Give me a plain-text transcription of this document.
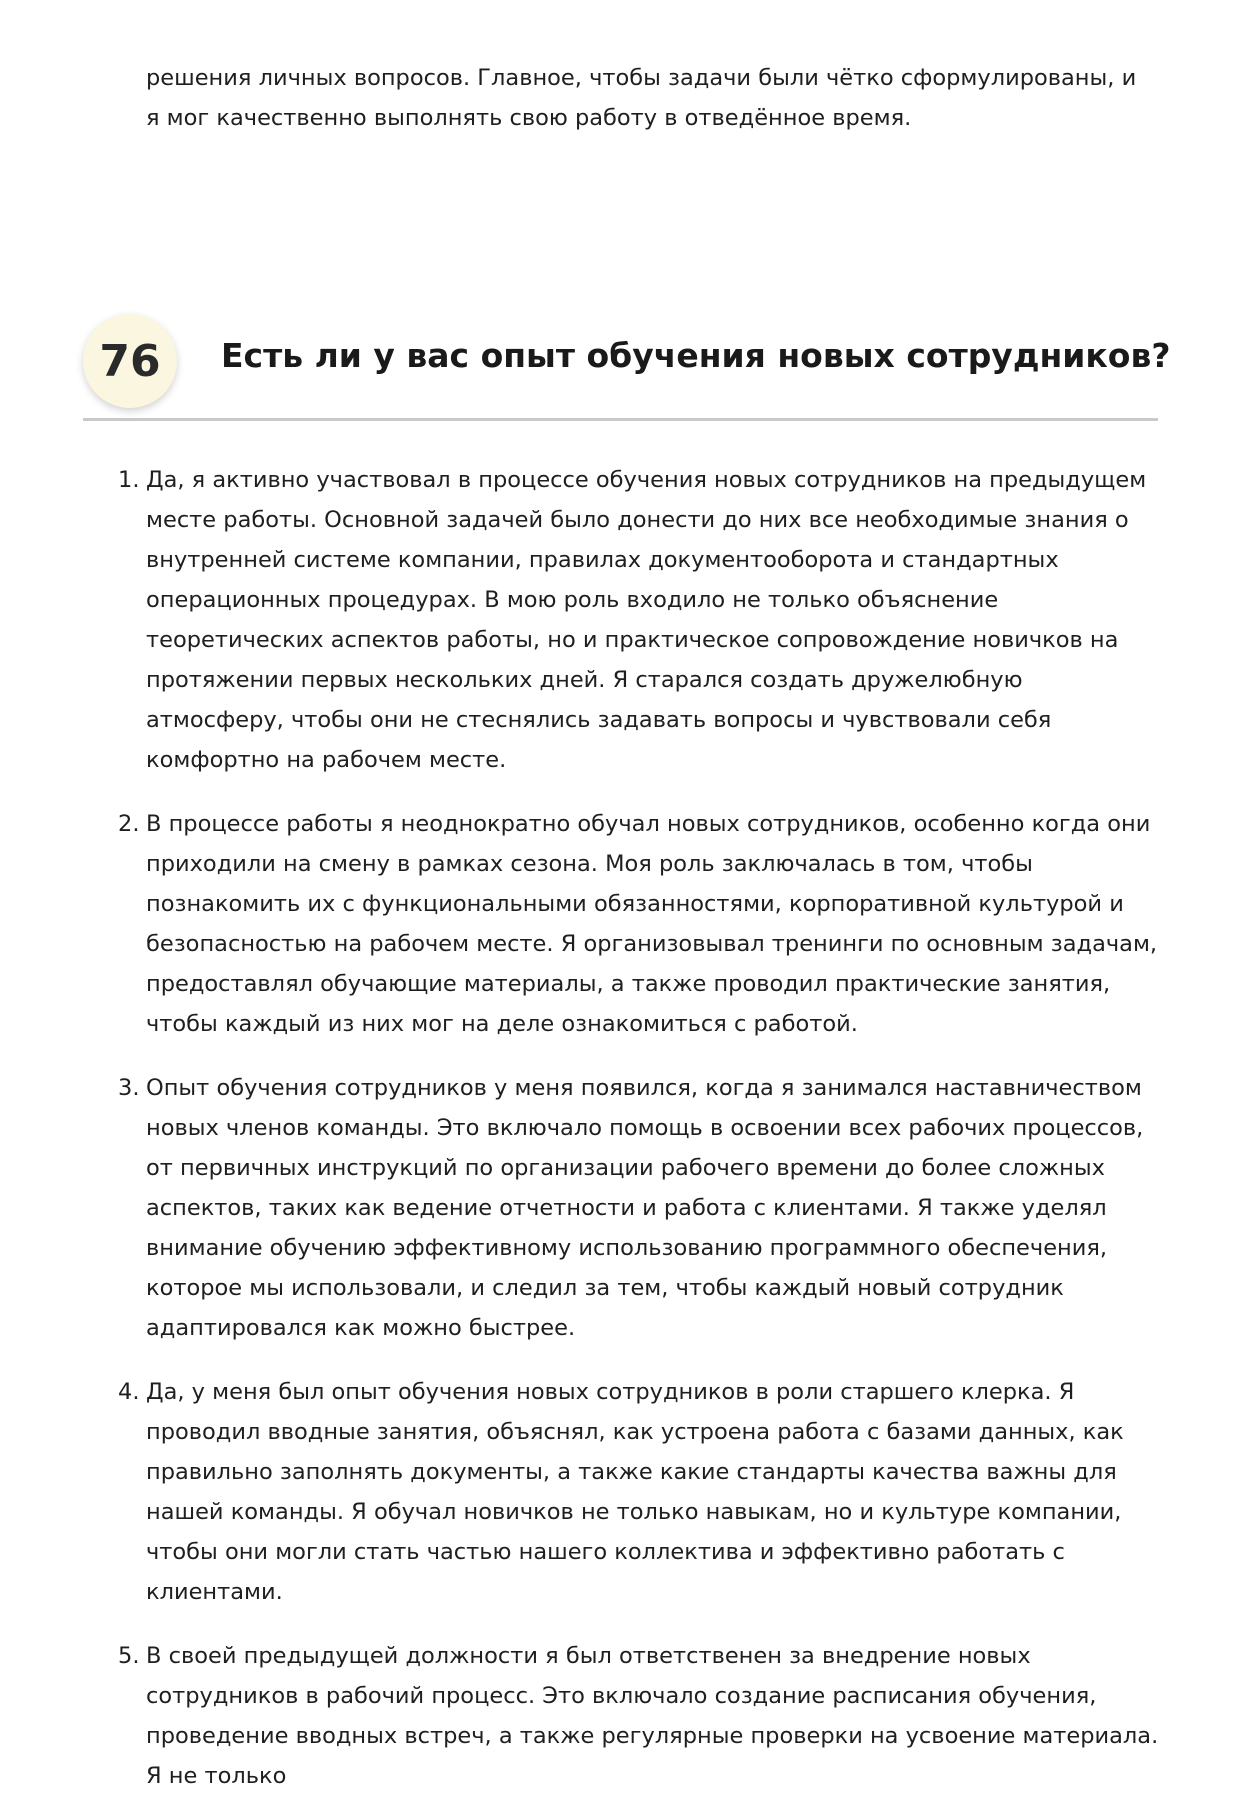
решения личных вопросов. Главное, чтобы задачи были чётко сформулированы, и я мог качественно выполнять свою работу в отведённое время.

76	Есть ли у вас опыт обучения новых сотрудников?
1. Да, я активно участвовал в процессе обучения новых сотрудников на предыдущем месте работы. Основной задачей было донести до них все необходимые знания о внутренней системе компании, правилах документооборота и стандартных операционных процедурах. В мою роль входило не только объяснение теоретических аспектов работы, но и практическое сопровождение новичков на протяжении первых нескольких дней. Я старался создать дружелюбную атмосферу, чтобы они не стеснялись задавать вопросы и чувствовали себя комфортно на рабочем месте.
2. В процессе работы я неоднократно обучал новых сотрудников, особенно когда они приходили на смену в рамках сезона. Моя роль заключалась в том, чтобы познакомить их с функциональными обязанностями, корпоративной культурой и безопасностью на рабочем месте. Я организовывал тренинги по основным задачам, предоставлял обучающие материалы, а также проводил практические занятия, чтобы каждый из них мог на деле ознакомиться с работой.
3. Опыт обучения сотрудников у меня появился, когда я занимался наставничеством новых членов команды. Это включало помощь в освоении всех рабочих процессов, от первичных инструкций по организации рабочего времени до более сложных аспектов, таких как ведение отчетности и работа с клиентами. Я также уделял внимание обучению эффективному использованию программного обеспечения, которое мы использовали, и следил за тем, чтобы каждый новый сотрудник адаптировался как можно быстрее.
4. Да, у меня был опыт обучения новых сотрудников в роли старшего клерка. Я проводил вводные занятия, объяснял, как устроена работа с базами данных, как правильно заполнять документы, а также какие стандарты качества важны для нашей команды. Я обучал новичков не только навыкам, но и культуре компании, чтобы они могли стать частью нашего коллектива и эффективно работать с клиентами.
5. В своей предыдущей должности я был ответственен за внедрение новых сотрудников в рабочий процесс. Это включало создание расписания обучения, проведение вводных встреч, а также регулярные проверки на усвоение материала. Я не только
